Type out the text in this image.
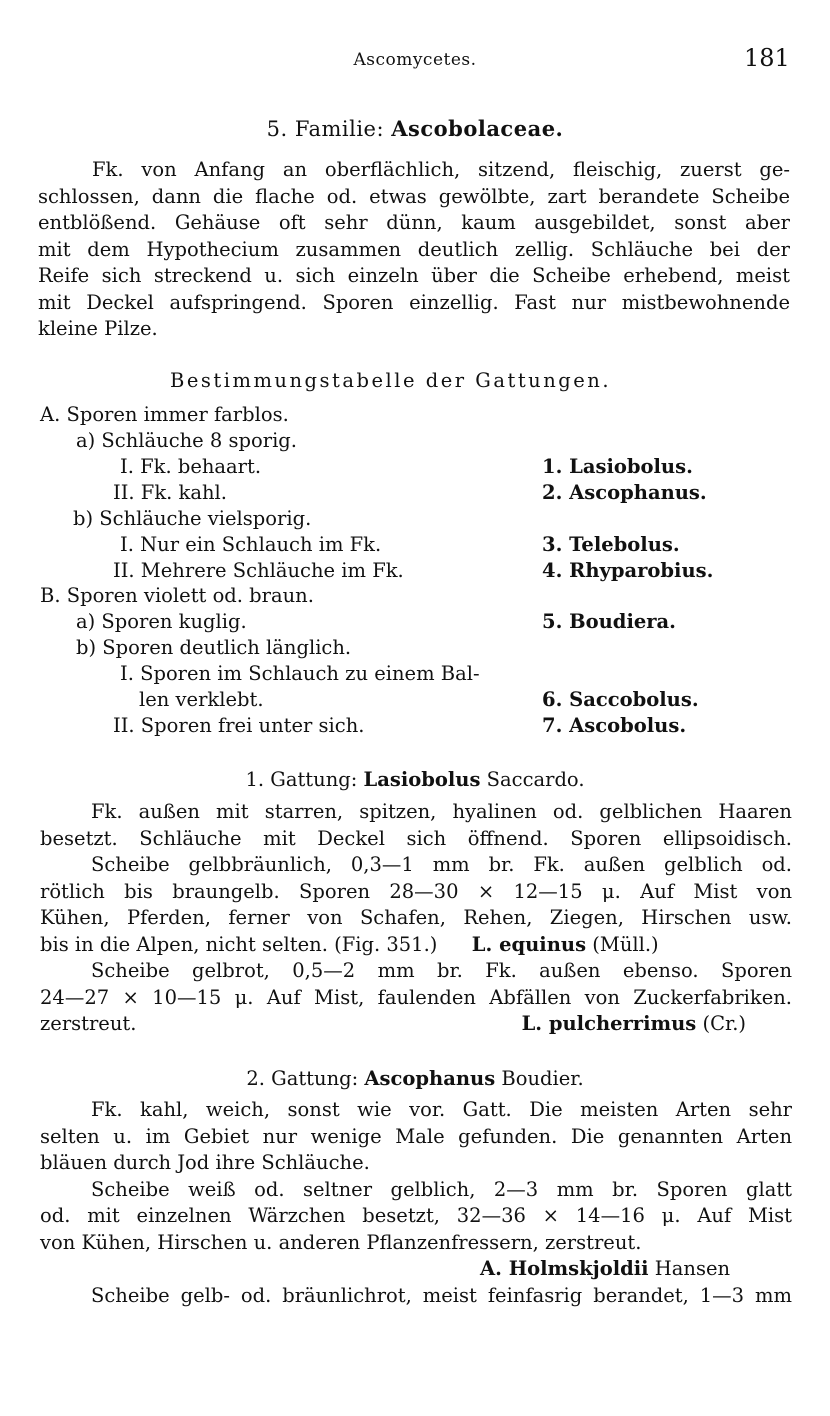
Ascomycetes.	181
5. Familie: Ascobolaceae.
Fk. von Anfang an oberflächlich, sitzend, fleischig, zuerst ge-
schlossen, dann die flache od. etwas gewölbte, zart berandete Scheibe
entblößend. Gehäuse oft sehr dünn, kaum ausgebildet, sonst aber
mit dem Hypothecium zusammen deutlich zellig. Schläuche bei der
Reife sich streckend u. sich einzeln über die Scheibe erhebend, meist
mit Deckel aufspringend. Sporen einzellig. Fast nur mistbewohnende
kleine Pilze.
Bestimmungstabelle der Gattungen.
A. Sporen immer farblos.
a) Schläuche 8 sporig.
I. Fk. behaart.	1. Lasiobolus.
II. Fk. kahl.	2. Ascophanus.
b) Schläuche vielsporig.
I. Nur ein Schlauch im Fk.	3. Telebolus.
II. Mehrere Schläuche im Fk.	4. Rhyparobius.
B. Sporen violett od. braun.
a) Sporen kuglig.	5. Boudiera.
b) Sporen deutlich länglich.
I. Sporen im Schlauch zu einem Bal-
len verklebt.	6. Saccobolus.
II. Sporen frei unter sich.	7. Ascobolus.
1. Gattung: Lasiobolus Saccardo.
Fk. außen mit starren, spitzen, hyalinen od. gelblichen Haaren
besetzt. Schläuche mit Deckel sich öffnend. Sporen ellipsoidisch.
Scheibe gelbbräunlich, 0,3—1 mm br. Fk. außen gelblich od.
rötlich bis braungelb. Sporen 28—30 × 12—15 μ. Auf Mist von
Kühen, Pferden, ferner von Schafen, Rehen, Ziegen, Hirschen usw.
bis in die Alpen, nicht selten. (Fig. 351.) L. equinus (Müll.)
Scheibe gelbrot, 0,5—2 mm br. Fk. außen ebenso. Sporen
24—27 × 10—15 μ. Auf Mist, faulenden Abfällen von Zuckerfabriken.
zerstreut.	L. pulcherrimus (Cr.)
2. Gattung: Ascophanus Boudier.
Fk. kahl, weich, sonst wie vor. Gatt. Die meisten Arten sehr
selten u. im Gebiet nur wenige Male gefunden. Die genannten Arten
bläuen durch Jod ihre Schläuche.
Scheibe weiß od. seltner gelblich, 2—3 mm br. Sporen glatt
od. mit einzelnen Wärzchen besetzt, 32—36 × 14—16 μ. Auf Mist
von Kühen, Hirschen u. anderen Pflanzenfressern, zerstreut.
A. Holmskjoldii Hansen
Scheibe gelb- od. bräunlichrot, meist feinfasrig berandet, 1—3 mm
